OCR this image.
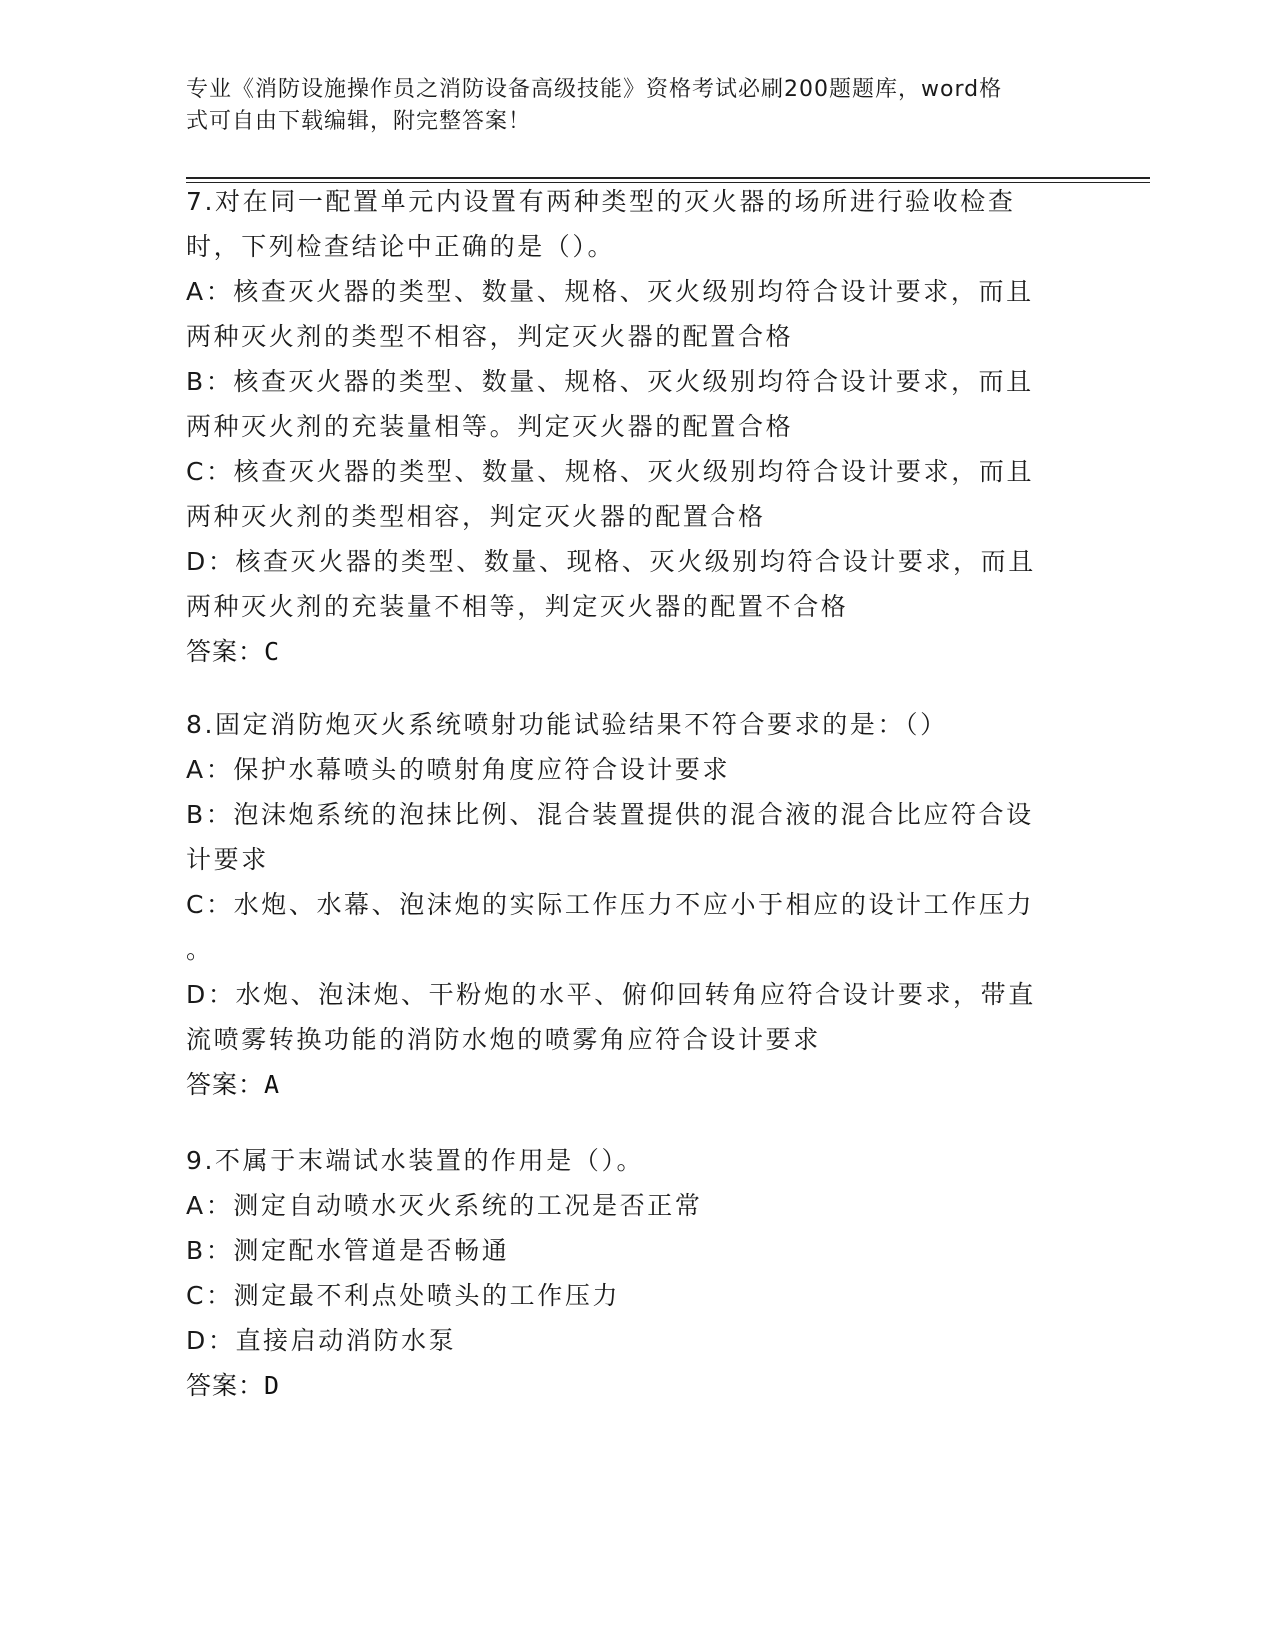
专业《消防设施操作员之消防设备高级技能》资格考试必刷200题题库，word格
式可自由下载编辑，附完整答案！
7.对在同一配置单元内设置有两种类型的灭火器的场所进行验收检查
时，下列检查结论中正确的是（）。
A：核查灭火器的类型、数量、规格、灭火级别均符合设计要求，而且
两种灭火剂的类型不相容，判定灭火器的配置合格
B：核查灭火器的类型、数量、规格、灭火级别均符合设计要求，而且
两种灭火剂的充装量相等。判定灭火器的配置合格
C：核查灭火器的类型、数量、规格、灭火级别均符合设计要求，而且
两种灭火剂的类型相容，判定灭火器的配置合格
D：核查灭火器的类型、数量、现格、灭火级别均符合设计要求，而且
两种灭火剂的充装量不相等，判定灭火器的配置不合格
答案：C
8.固定消防炮灭火系统喷射功能试验结果不符合要求的是：（）
A：保护水幕喷头的喷射角度应符合设计要求
B：泡沫炮系统的泡抹比例、混合装置提供的混合液的混合比应符合设
计要求
C：水炮、水幕、泡沫炮的实际工作压力不应小于相应的设计工作压力
。
D：水炮、泡沫炮、干粉炮的水平、俯仰回转角应符合设计要求，带直
流喷雾转换功能的消防水炮的喷雾角应符合设计要求
答案：A
9.不属于末端试水装置的作用是（）。
A：测定自动喷水灭火系统的工况是否正常
B：测定配水管道是否畅通
C：测定最不利点处喷头的工作压力
D：直接启动消防水泵
答案：D
